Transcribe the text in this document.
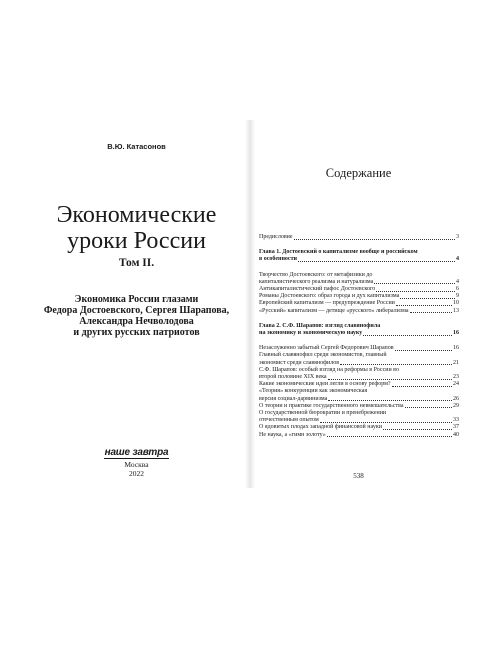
В.Ю. Катасонов
Экономические
уроки России
Том II.
Экономика России глазами
Федора Достоевского, Сергея Шарапова,
Александра Нечволодова
и других русских патриотов
наше завтра
Москва
2022
Содержание
Предисловие	3
Глава 1. Достоевский о капитализме вообще и российском
в особенности	4
Творчество Достоевского: от метафизики до
капиталистического реализма и натурализма	4
Антикапиталистический пафос Достоевского	6
Романы Достоевского: образ города и дух капитализма	9
Европейский капитализм — предупреждение России	10
«Русский» капитализм — детище «русского» либерализма	13
Глава 2. С.Ф. Шарапов: взгляд славянофила
на экономику и экономическую науку	16
Незаслуженно забытый Сергей Федорович Шарапов	16
Главный славянофил среди экономистов, главный
экономист среди славянофилов	21
С.Ф. Шарапов: особый взгляд на реформы в России во
второй половине XIX века	23
Какие экономические идеи легли в основу реформ?	24
«Теория» конкуренции как экономическая
версия социал-дарвинизма	26
О теории и практике государственного невмешательства	29
О государственной бюрократии и пренебрежении
отечественным опытом	33
О ядовитых плодах западной финансовой науки	37
Не наука, а «гимн золоту»	40
538
